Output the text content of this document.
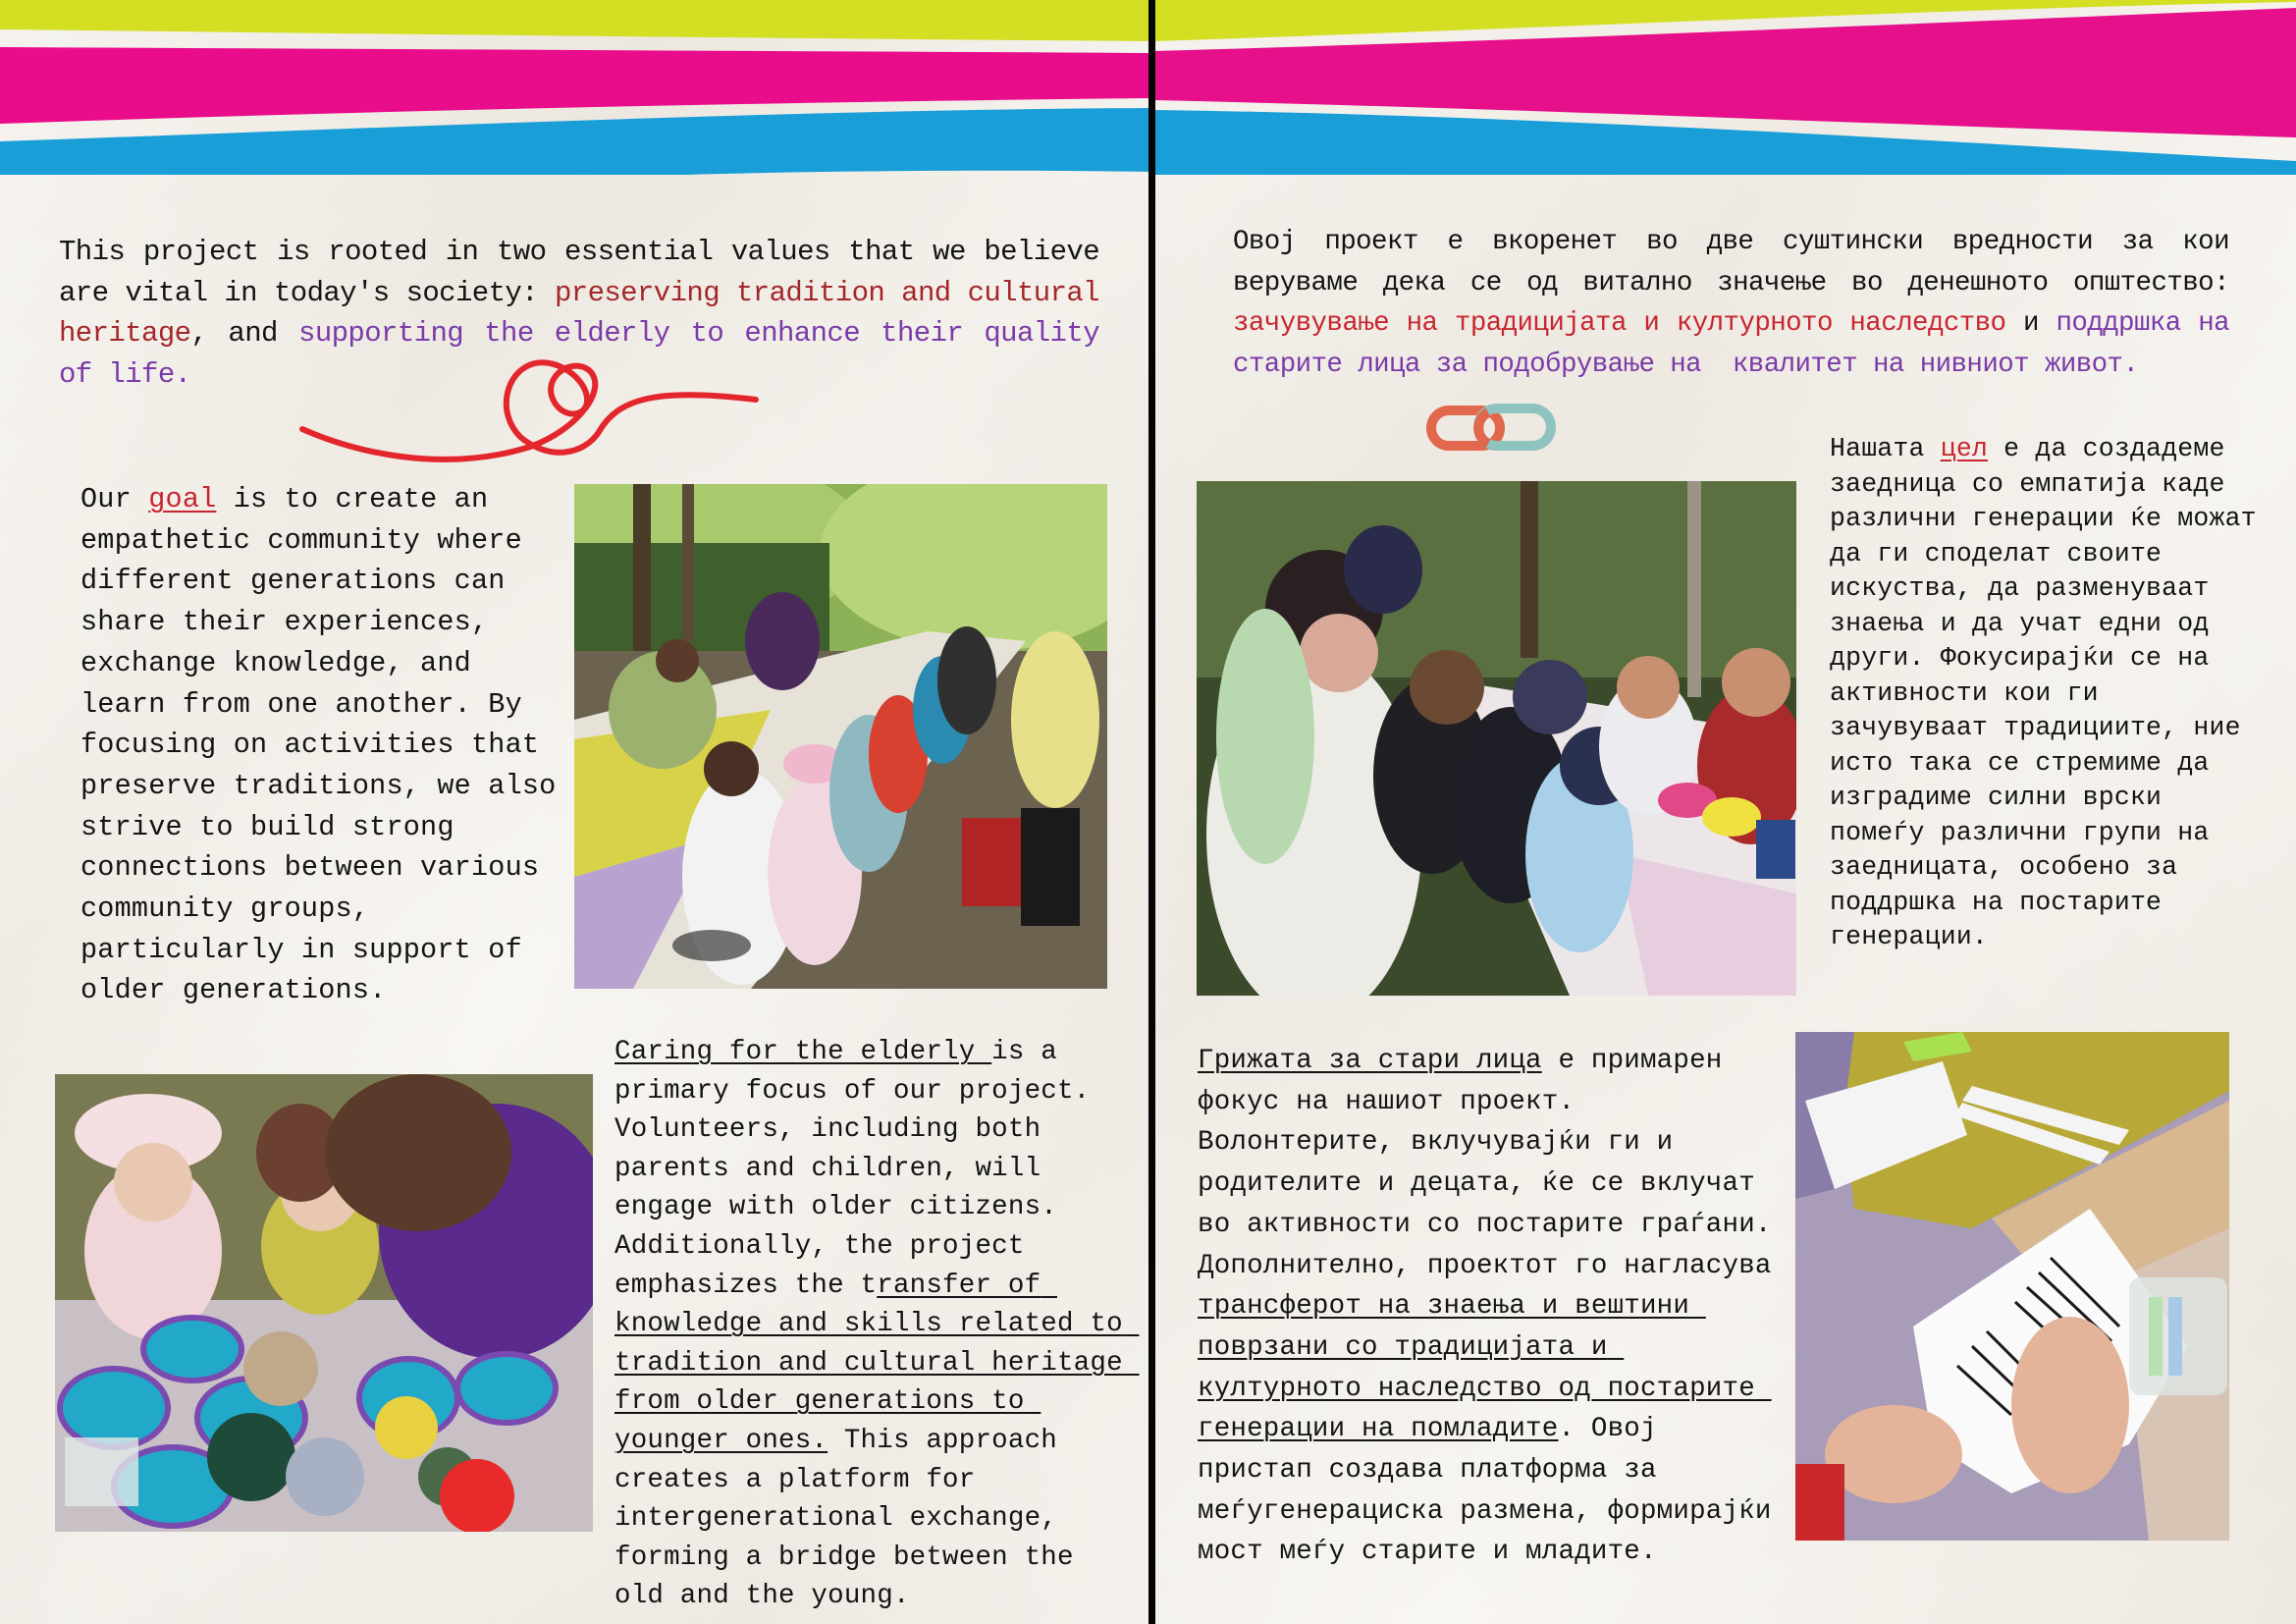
This project is rooted in two essential values that we believe are vital in today's society: preserving tradition and cultural heritage, and supporting the elderly to enhance their quality of life.
Our goal is to create an empathetic community where different generations can share their experiences, exchange knowledge, and learn from one another. By focusing on activities that preserve traditions, we also strive to build strong connections between various community groups, particularly in support of older generations.
Caring for the elderly is a primary focus of our project. Volunteers, including both parents and children, will engage with older citizens. Additionally, the project emphasizes the transfer of knowledge and skills related to tradition and cultural heritage from older generations to younger ones. This approach creates a platform for intergenerational exchange, forming a bridge between the old and the young.
Овој проект е вкоренет во две суштински вредности за кои веруваме дека се од витално значење во денешното општество: зачувување на традицијата и културното наследство и поддршка на старите лица за подобрување на  квалитет на нивниот живот.
Нашата цел е да создадеме заедница со емпатија каде различни генерации ќе можат да ги споделат своите искуства, да разменуваат знаења и да учат едни од други. Фокусирајќи се на активности кои ги зачувуваат традициите, ние исто така се стремиме да изградиме силни врски помеѓу различни групи на заедницата, особено за поддршка на постарите генерации.
Грижата за стари лица е примарен фокус на нашиот проект. Волонтерите, вклучувајќи ги и родителите и децата, ќе се вклучат во активности со постарите граѓани. Дополнително, проектот го нагласува трансферот на знаења и вештини поврзани со традицијата и културното наследство од постарите генерации на помладите. Овој пристап создава платформа за меѓугенерациска размена, формирајќи мост меѓу старите и младите.
